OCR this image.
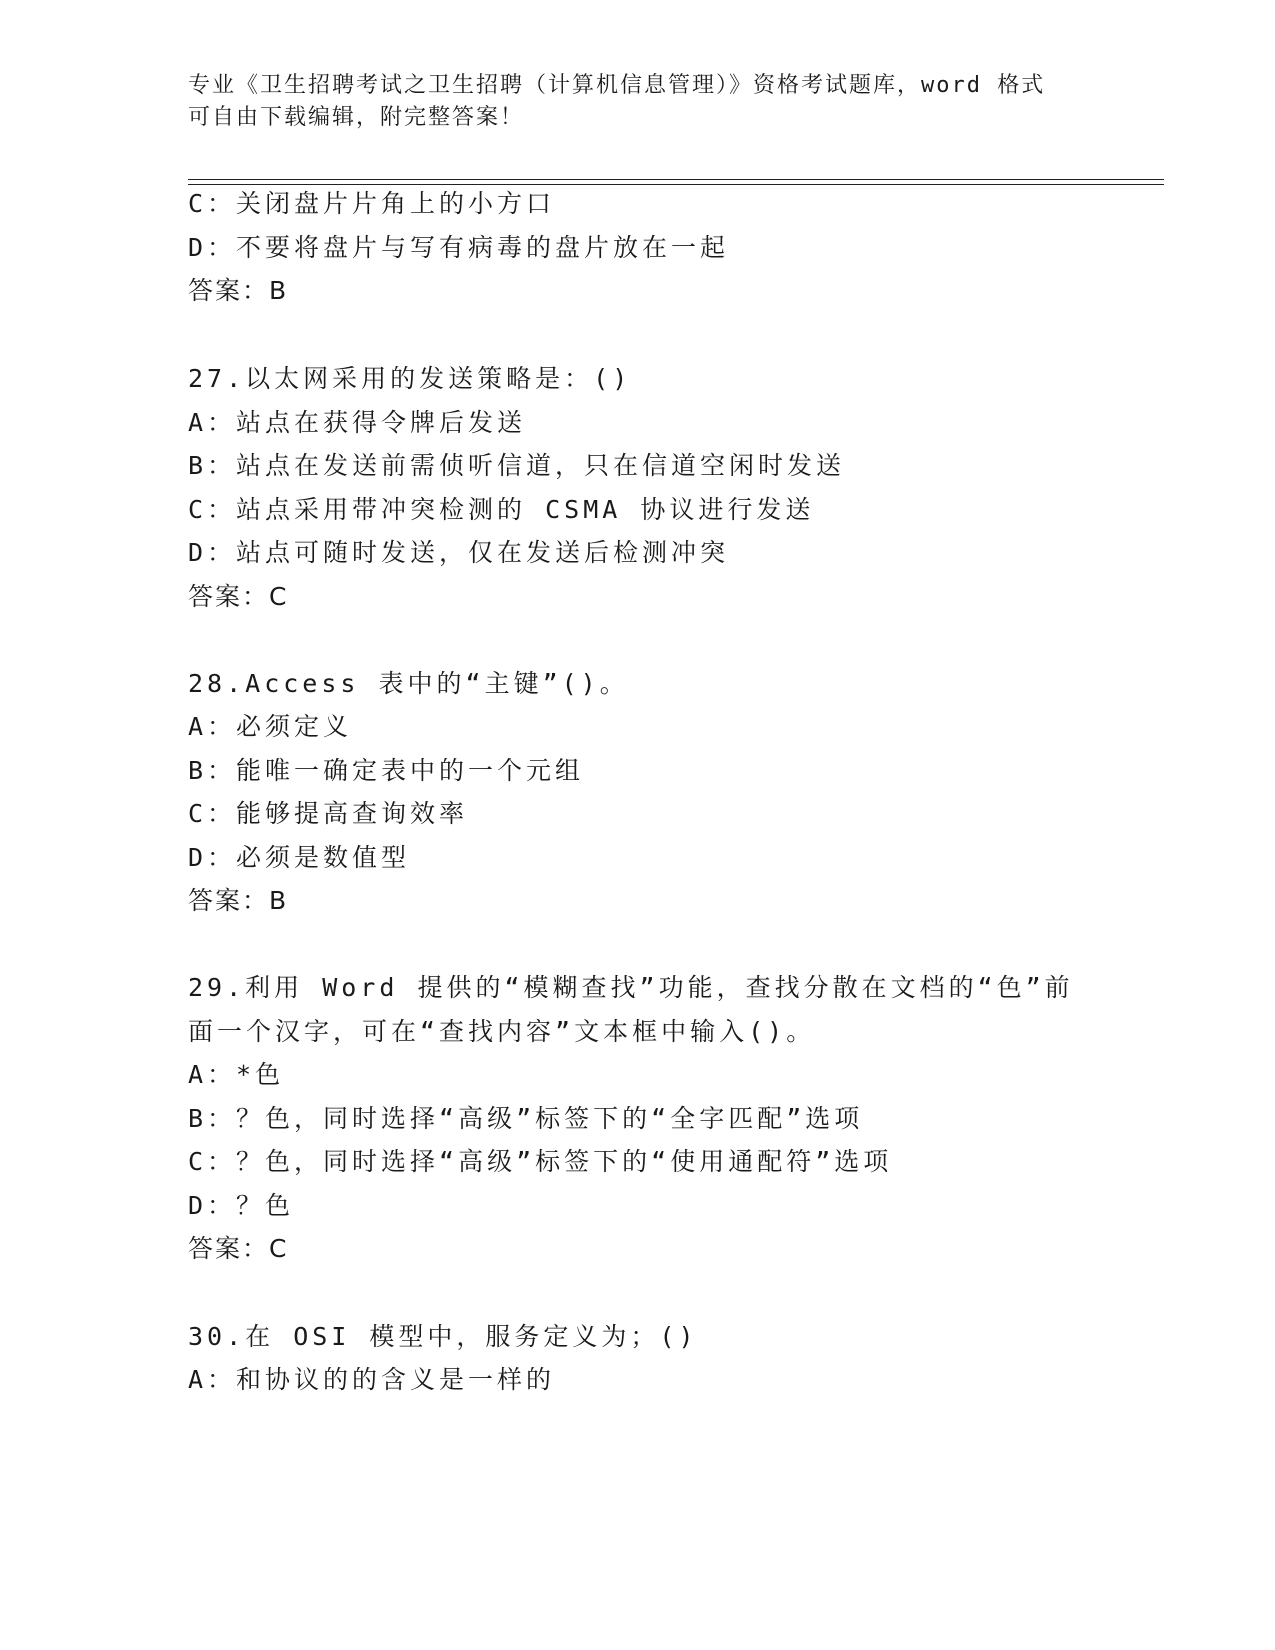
专业《卫生招聘考试之卫生招聘（计算机信息管理）》资格考试题库，word 格式
可自由下载编辑，附完整答案！
C：关闭盘片片角上的小方口
D：不要将盘片与写有病毒的盘片放在一起
答案：B
27.以太网采用的发送策略是：()
A：站点在获得令牌后发送
B：站点在发送前需侦听信道，只在信道空闲时发送
C：站点采用带冲突检测的 CSMA 协议进行发送
D：站点可随时发送，仅在发送后检测冲突
答案：C
28.Access 表中的“主键”()。
A：必须定义
B：能唯一确定表中的一个元组
C：能够提高查询效率
D：必须是数值型
答案：B
29.利用 Word 提供的“模糊查找”功能，查找分散在文档的“色”前
面一个汉字，可在“查找内容”文本框中输入()。
A：*色
B：？色，同时选择“高级”标签下的“全字匹配”选项
C：？色，同时选择“高级”标签下的“使用通配符”选项
D：？色
答案：C
30.在 OSI 模型中，服务定义为；()
A：和协议的的含义是一样的
